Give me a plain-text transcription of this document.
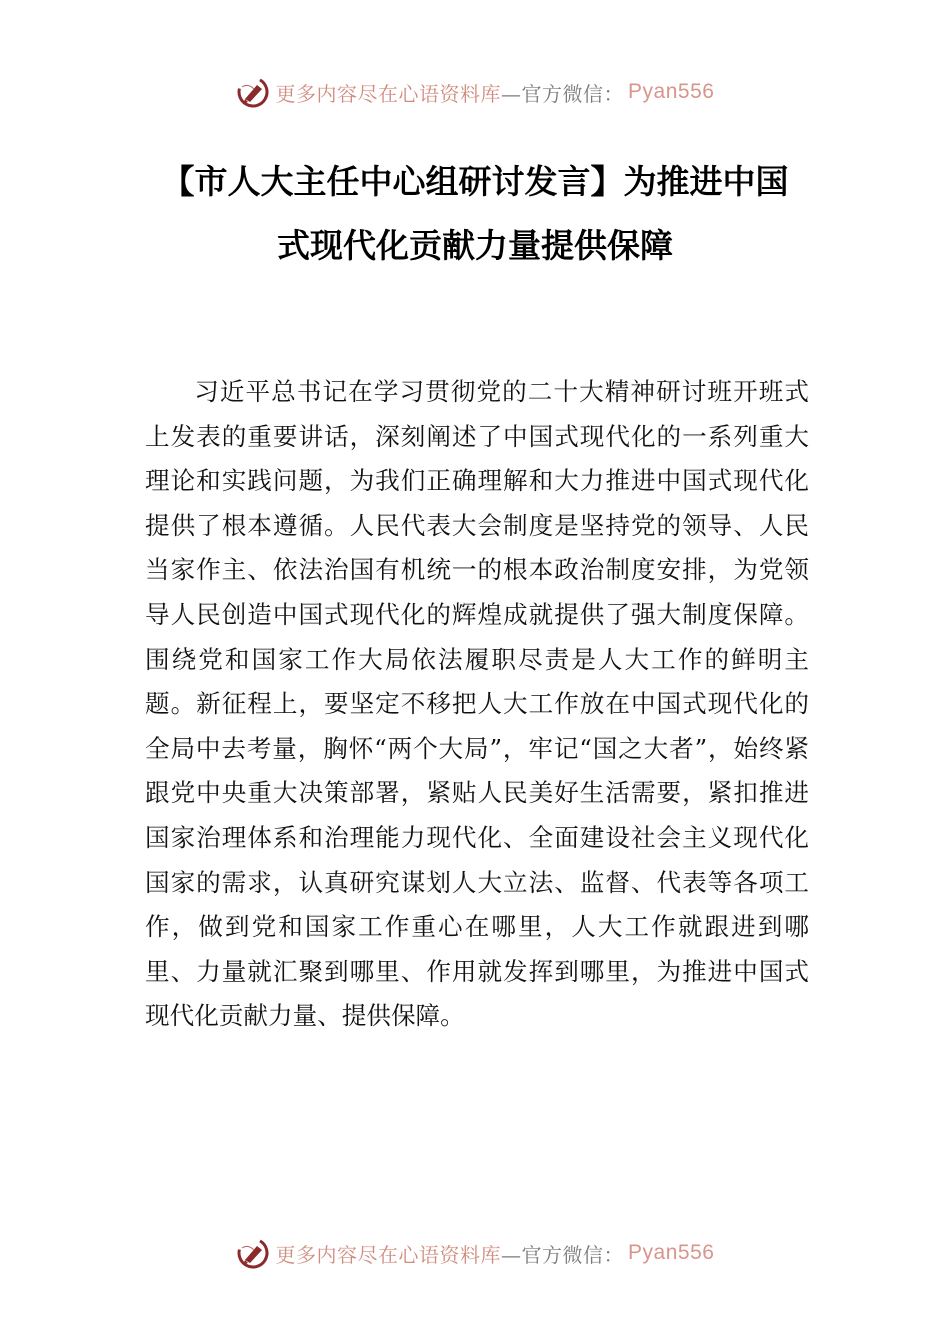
更多内容尽在心语资料库 —官方微信： Pyan556
【市人大主任中心组研讨发言】为推进中国
式现代化贡献力量提供保障

习近平总书记在学习贯彻党的二十大精神研讨班开班式上发表的重要讲话，深刻阐述了中国式现代化的一系列重大理论和实践问题，为我们正确理解和大力推进中国式现代化提供了根本遵循。人民代表大会制度是坚持党的领导、人民当家作主、依法治国有机统一的根本政治制度安排，为党领导人民创造中国式现代化的辉煌成就提供了强大制度保障。围绕党和国家工作大局依法履职尽责是人大工作的鲜明主题。新征程上，要坚定不移把人大工作放在中国式现代化的全局中去考量，胸怀“两个大局”，牢记“国之大者”，始终紧跟党中央重大决策部署，紧贴人民美好生活需要，紧扣推进国家治理体系和治理能力现代化、全面建设社会主义现代化国家的需求，认真研究谋划人大立法、监督、代表等各项工作，做到党和国家工作重心在哪里，人大工作就跟进到哪里、力量就汇聚到哪里、作用就发挥到哪里，为推进中国式现代化贡献力量、提供保障。

更多内容尽在心语资料库 —官方微信： Pyan556
